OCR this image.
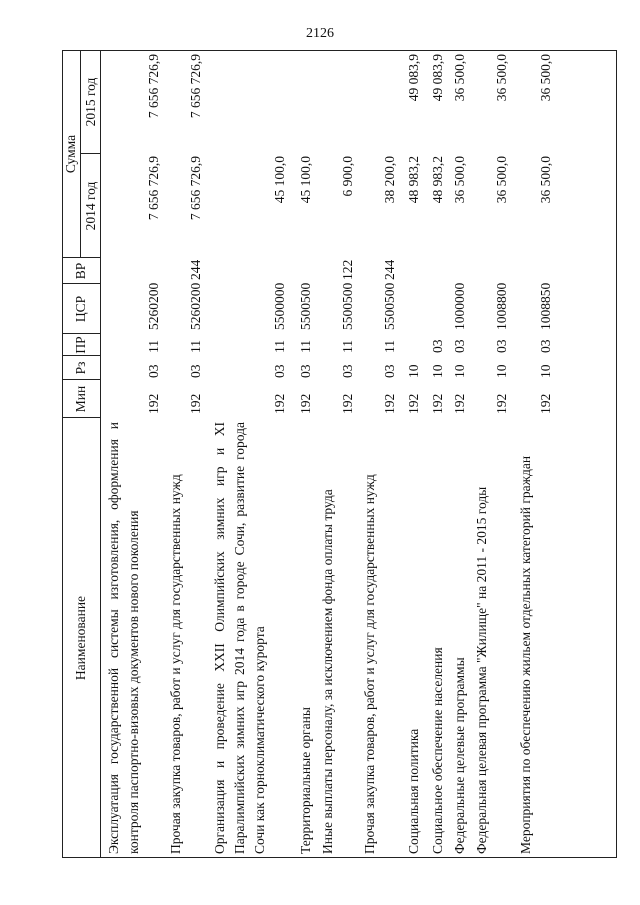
2126
Наименование
Мин
Рз
ПР
ЦСР
ВР
Сумма
2014 год
2015 год
Эксплуатация государственной системы изготовления, оформления и контроля паспортно-визовых документов нового поколения
192
03
11
5260200
7 656 726,9
7 656 726,9
Прочая закупка товаров, работ и услуг для государственных нужд
192
03
11
5260200
244
7 656 726,9
7 656 726,9
Организация и проведение XXII Олимпийских зимних игр и XI Паралимпийских зимних игр 2014 года в городе Сочи, развитие города Сочи как горноклиматического курорта
192
03
11
5500000
45 100,0
Территориальные органы
192
03
11
5500500
45 100,0
Иные выплаты персоналу, за исключением фонда оплаты труда
192
03
11
5500500
122
6 900,0
Прочая закупка товаров, работ и услуг для государственных нужд
192
03
11
5500500
244
38 200,0
Социальная политика
192
10
48 983,2
49 083,9
Социальное обеспечение населения
192
10
03
48 983,2
49 083,9
Федеральные целевые программы
192
10
03
1000000
36 500,0
36 500,0
Федеральная целевая программа "Жилище" на 2011 - 2015 годы
192
10
03
1008800
36 500,0
36 500,0
Мероприятия по обеспечению жильем отдельных категорий граждан
192
10
03
1008850
36 500,0
36 500,0
